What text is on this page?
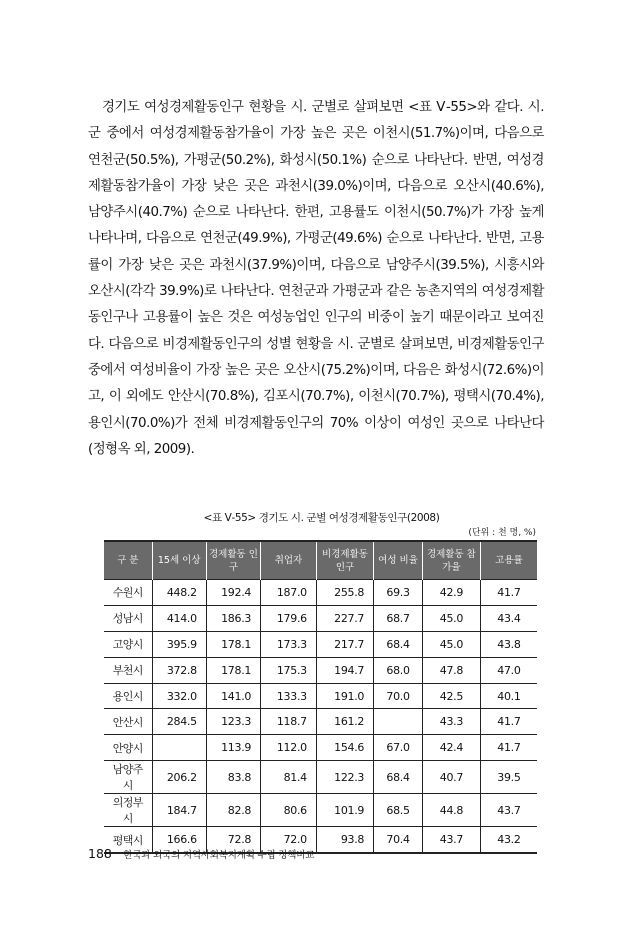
경기도 여성경제활동인구 현황을 시. 군별로 살펴보면 <표 Ⅴ-55>와 같다. 시. 군 중에서 여성경제활동참가율이 가장 높은 곳은 이천시(51.7%)이며, 다음으로 연천군(50.5%), 가평군(50.2%), 화성시(50.1%) 순으로 나타난다. 반면, 여성경제활동참가율이 가장 낮은 곳은 과천시(39.0%)이며, 다음으로 오산시(40.6%), 남양주시(40.7%) 순으로 나타난다. 한편, 고용률도 이천시(50.7%)가 가장 높게 나타나며, 다음으로 연천군(49.9%), 가평군(49.6%) 순으로 나타난다. 반면, 고용률이 가장 낮은 곳은 과천시(37.9%)이며, 다음으로 남양주시(39.5%), 시흥시와 오산시(각각 39.9%)로 나타난다. 연천군과 가평군과 같은 농촌지역의 여성경제활동인구나 고용률이 높은 것은 여성농업인 인구의 비중이 높기 때문이라고 보여진다. 다음으로 비경제활동인구의 성별 현황을 시. 군별로 살펴보면, 비경제활동인구 중에서 여성비율이 가장 높은 곳은 오산시(75.2%)이며, 다음은 화성시(72.6%)이고, 이 외에도 안산시(70.8%), 김포시(70.7%), 이천시(70.7%), 평택시(70.4%), 용인시(70.0%)가 전체 비경제활동인구의 70% 이상이 여성인 곳으로 나타난다(정형옥 외, 2009).

<표 Ⅴ-55> 경기도 시. 군별 여성경제활동인구(2008)
(단위 : 천 명, %)
구 분	15세 이상	경제활동 인구	취업자	비경제활동 인구	여성 비율	경제활동 참가율	고용률
수원시	448.2	192.4	187.0	255.8	69.3	42.9	41.7
성남시	414.0	186.3	179.6	227.7	68.7	45.0	43.4
고양시	395.9	178.1	173.3	217.7	68.4	45.0	43.8
부천시	372.8	178.1	175.3	194.7	68.0	47.8	47.0
용인시	332.0	141.0	133.3	191.0	70.0	42.5	40.1
안산시	284.5	123.3	118.7	161.2		43.3	41.7
안양시		113.9	112.0	154.6	67.0	42.4	41.7
남양주시	206.2	83.8	81.4	122.3	68.4	40.7	39.5
의정부시	184.7	82.8	80.6	101.9	68.5	44.8	43.7
평택시	166.6	72.8	72.0	93.8	70.4	43.7	43.2
188 한국과 외국의 지역사회복지계획 수립 정책비교
